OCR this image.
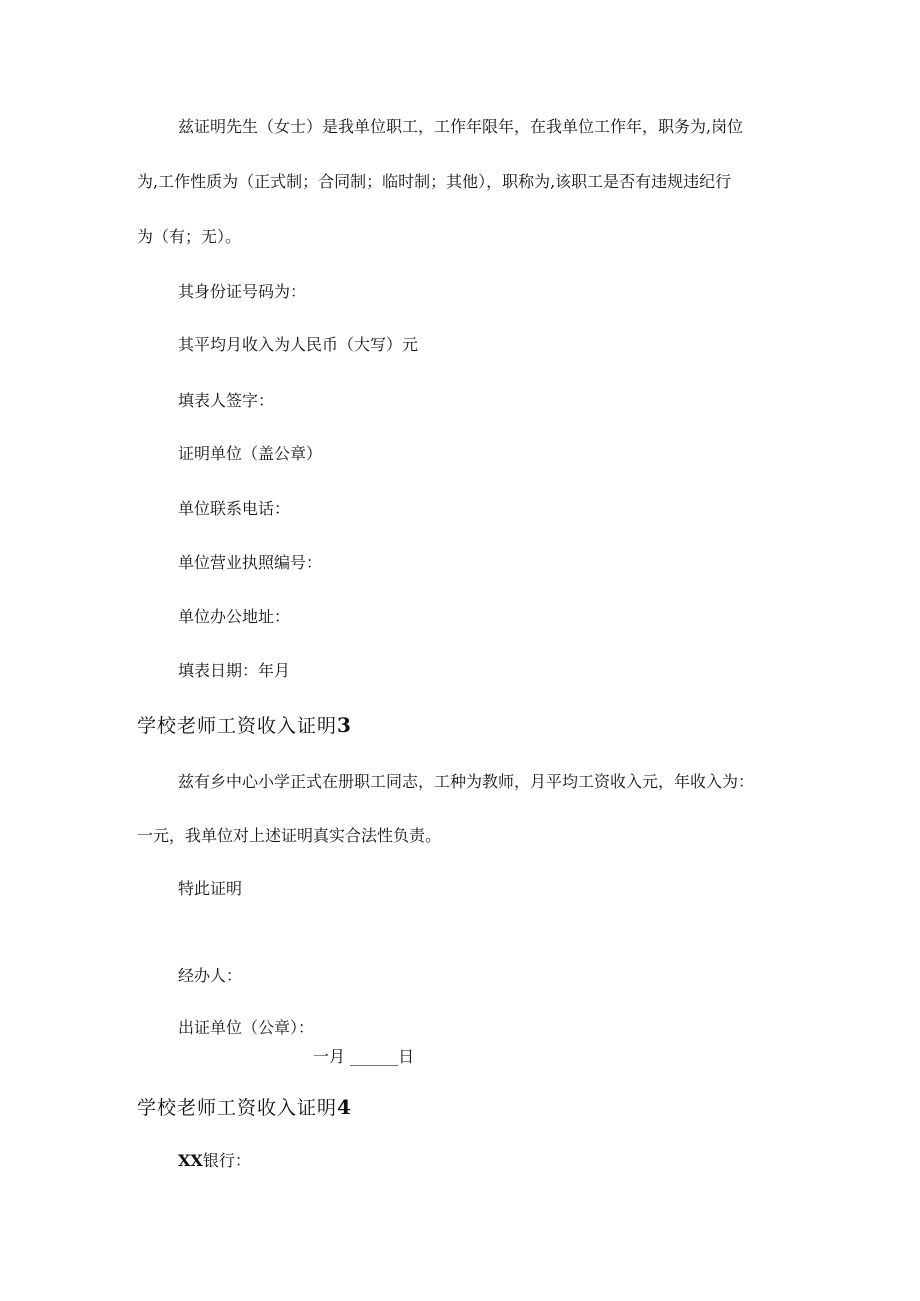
兹证明先生（女士）是我单位职工，工作年限年，在我单位工作年，职务为,岗位
为,工作性质为（正式制；合同制；临时制；其他），职称为,该职工是否有违规违纪行
为（有；无）。
其身份证号码为：
其平均月收入为人民币（大写）元
填表人签字：
证明单位（盖公章）
单位联系电话：
单位营业执照编号：
单位办公地址：
填表日期：年月
学校老师工资收入证明3
兹有乡中心小学正式在册职工同志，工种为教师，月平均工资收入元，年收入为：
一元，我单位对上述证明真实合法性负责。
特此证明
经办人：
出证单位（公章）：
一月 ______日
学校老师工资收入证明4
XX银行：
